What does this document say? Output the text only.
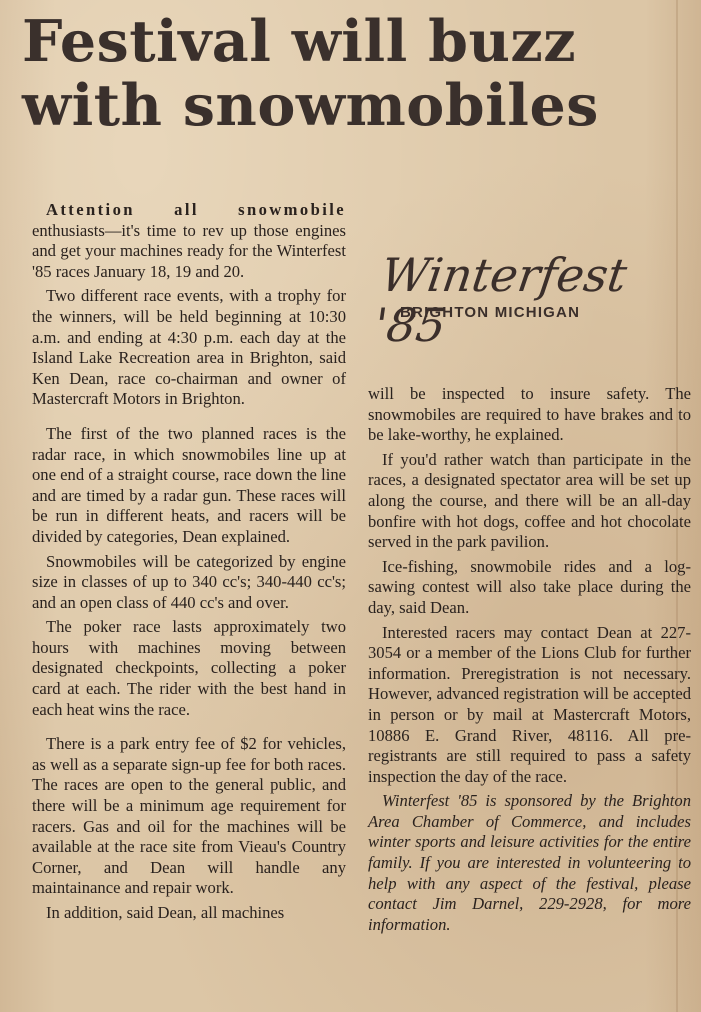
Festival will buzz
with snowmobiles
Winterfest '85
BRIGHTON MICHIGAN

Attention all snowmobile enthusiasts—it's time to rev up those engines and get your machines ready for the Winterfest '85 races January 18, 19 and 20.

Two different race events, with a trophy for the winners, will be held beginning at 10:30 a.m. and ending at 4:30 p.m. each day at the Island Lake Recreation area in Brighton, said Ken Dean, race co-chairman and owner of Mastercraft Motors in Brighton.

The first of the two planned races is the radar race, in which snowmobiles line up at one end of a straight course, race down the line and are timed by a radar gun. These races will be run in different heats, and racers will be divided by categories, Dean explained.

Snowmobiles will be categorized by engine size in classes of up to 340 cc's; 340-440 cc's; and an open class of 440 cc's and over.

The poker race lasts approximately two hours with machines moving between designated checkpoints, collecting a poker card at each. The rider with the best hand in each heat wins the race.

There is a park entry fee of $2 for vehicles, as well as a separate sign-up fee for both races. The races are open to the general public, and there will be a minimum age requirement for racers. Gas and oil for the machines will be available at the race site from Vieau's Country Corner, and Dean will handle any maintainance and repair work.

In addition, said Dean, all machines

will be inspected to insure safety. The snowmobiles are required to have brakes and to be lake-worthy, he explained.

If you'd rather watch than participate in the races, a designated spectator area will be set up along the course, and there will be an all-day bonfire with hot dogs, coffee and hot chocolate served in the park pavilion.

Ice-fishing, snowmobile rides and a log-sawing contest will also take place during the day, said Dean.

Interested racers may contact Dean at 227-3054 or a member of the Lions Club for further information. Preregistration is not necessary. However, advanced registration will be accepted in person or by mail at Mastercraft Motors, 10886 E. Grand River, 48116. All pre-registrants are still required to pass a safety inspection the day of the race.

Winterfest '85 is sponsored by the Brighton Area Chamber of Commerce, and includes winter sports and leisure activities for the entire family. If you are interested in volunteering to help with any aspect of the festival, please contact Jim Darnel, 229-2928, for more information.
